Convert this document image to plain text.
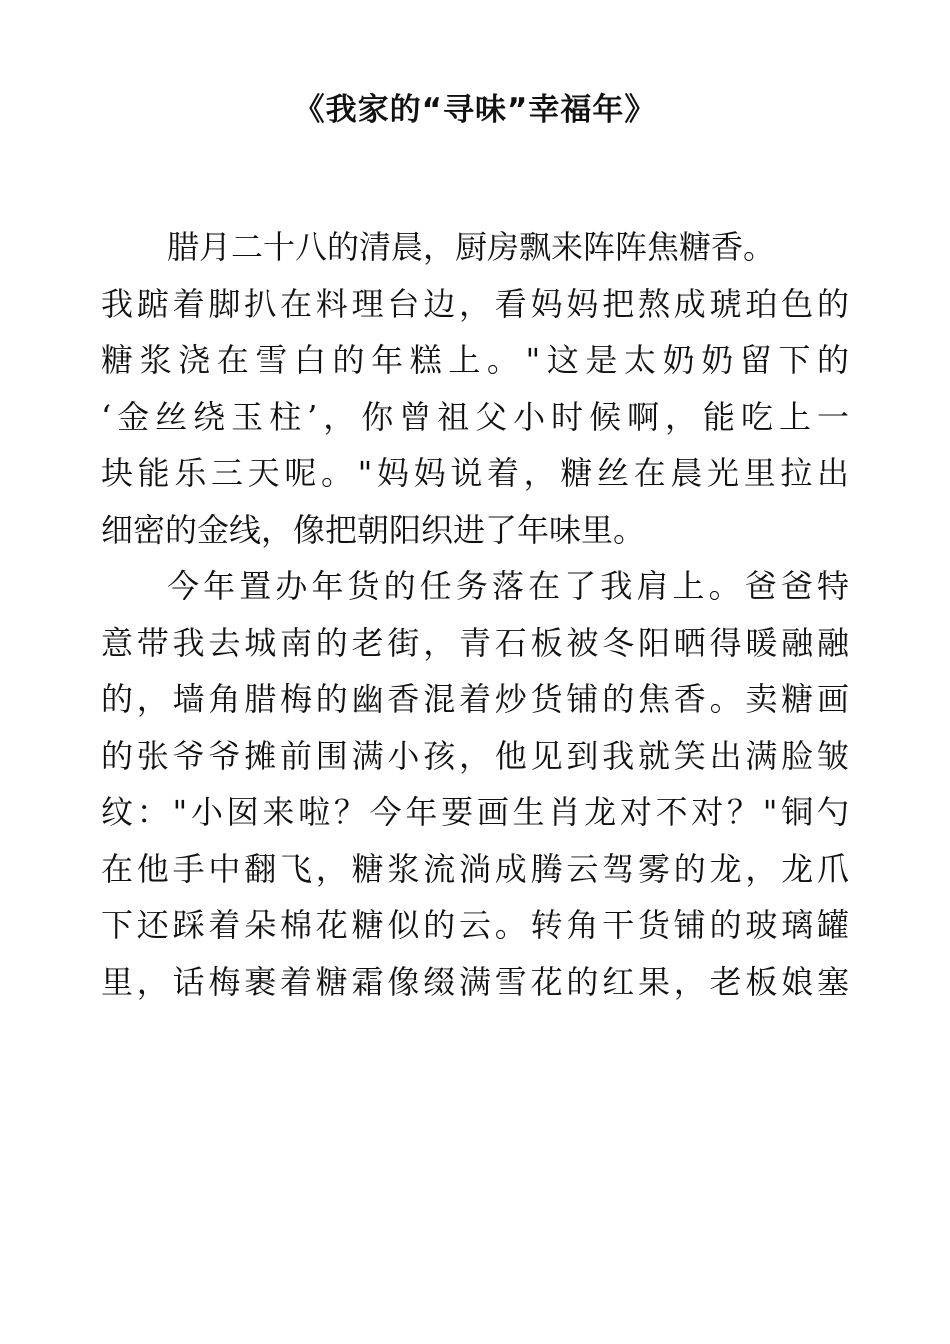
《我家的“寻味”幸福年》
腊月二十八的清晨，厨房飘来阵阵焦糖香。
我踮着脚扒在料理台边，看妈妈把熬成琥珀色的
糖浆浇在雪白的年糕上。"这是太奶奶留下的
‘金丝绕玉柱’，你曾祖父小时候啊，能吃上一
块能乐三天呢。"妈妈说着，糖丝在晨光里拉出
细密的金线，像把朝阳织进了年味里。
今年置办年货的任务落在了我肩上。爸爸特
意带我去城南的老街，青石板被冬阳晒得暖融融
的，墙角腊梅的幽香混着炒货铺的焦香。卖糖画
的张爷爷摊前围满小孩，他见到我就笑出满脸皱
纹："小囡来啦？今年要画生肖龙对不对？"铜勺
在他手中翻飞，糖浆流淌成腾云驾雾的龙，龙爪
下还踩着朵棉花糖似的云。转角干货铺的玻璃罐
里，话梅裹着糖霜像缀满雪花的红果，老板娘塞
